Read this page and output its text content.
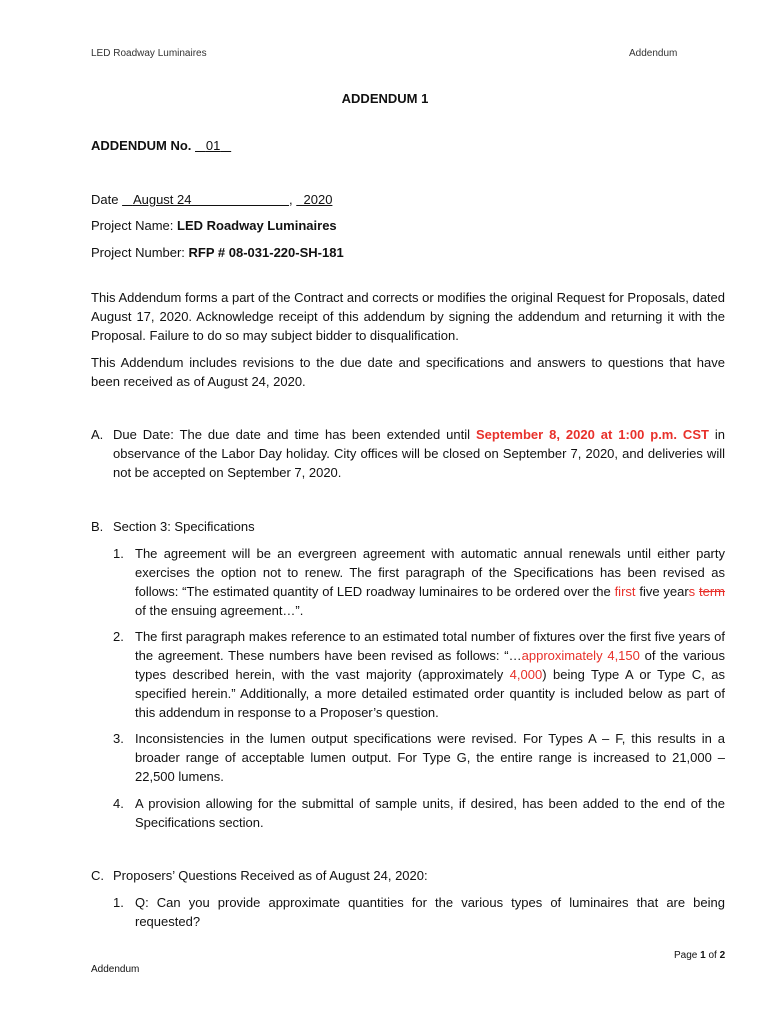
LED Roadway Luminaires	Addendum
ADDENDUM 1
ADDENDUM No. 01
Date August 24	, 2020
Project Name: LED Roadway Luminaires
Project Number: RFP # 08-031-220-SH-181

This Addendum forms a part of the Contract and corrects or modifies the original Request for Proposals, dated August 17, 2020. Acknowledge receipt of this addendum by signing the addendum and returning it with the Proposal. Failure to do so may subject bidder to disqualification.

This Addendum includes revisions to the due date and specifications and answers to questions that have been received as of August 24, 2020.

A. Due Date: The due date and time has been extended until September 8, 2020 at 1:00 p.m. CST in observance of the Labor Day holiday. City offices will be closed on September 7, 2020, and deliveries will not be accepted on September 7, 2020.
B. Section 3: Specifications
1. The agreement will be an evergreen agreement with automatic annual renewals until either party exercises the option not to renew. The first paragraph of the Specifications has been revised as follows: “The estimated quantity of LED roadway luminaires to be ordered over the first five years term of the ensuing agreement…”.
2. The first paragraph makes reference to an estimated total number of fixtures over the first five years of the agreement. These numbers have been revised as follows: “…approximately 4,150 of the various types described herein, with the vast majority (approximately 4,000) being Type A or Type C, as specified herein.” Additionally, a more detailed estimated order quantity is included below as part of this addendum in response to a Proposer’s question.
3. Inconsistencies in the lumen output specifications were revised. For Types A – F, this results in a broader range of acceptable lumen output. For Type G, the entire range is increased to 21,000 – 22,500 lumens.
4. A provision allowing for the submittal of sample units, if desired, has been added to the end of the Specifications section.
C. Proposers’ Questions Received as of August 24, 2020:
1. Q: Can you provide approximate quantities for the various types of luminaires that are being requested?
Page 1 of 2
Addendum
